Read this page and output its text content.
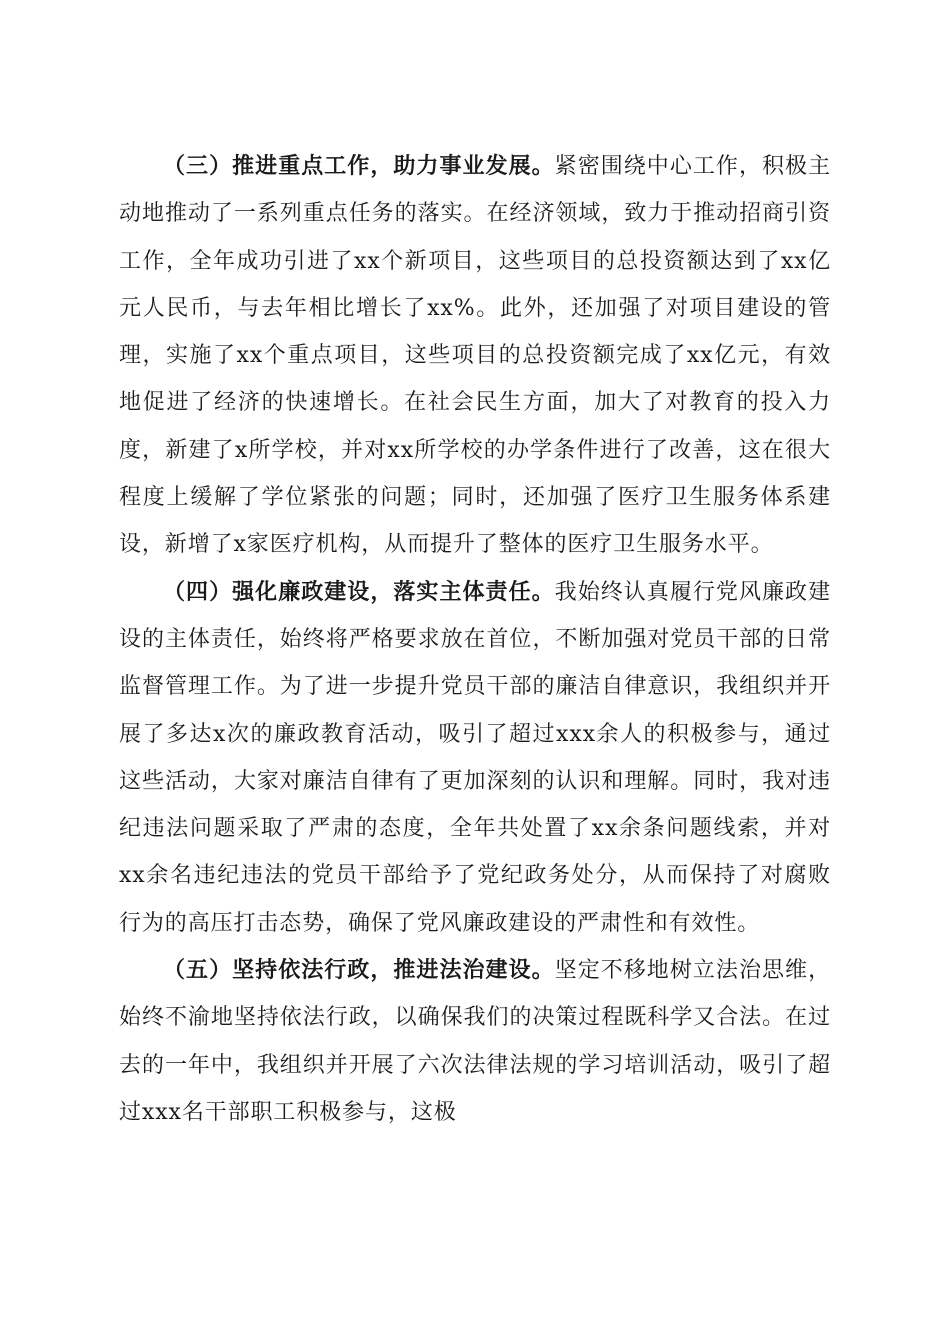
（三）推进重点工作，助力事业发展。紧密围绕中心工作，积极主动地推动了一系列重点任务的落实。在经济领域，致力于推动招商引资工作，全年成功引进了xx个新项目，这些项目的总投资额达到了xx亿元人民币，与去年相比增长了xx%。此外，还加强了对项目建设的管理，实施了xx个重点项目，这些项目的总投资额完成了xx亿元，有效地促进了经济的快速增长。在社会民生方面，加大了对教育的投入力度，新建了x所学校，并对xx所学校的办学条件进行了改善，这在很大程度上缓解了学位紧张的问题；同时，还加强了医疗卫生服务体系建设，新增了x家医疗机构，从而提升了整体的医疗卫生服务水平。

（四）强化廉政建设，落实主体责任。我始终认真履行党风廉政建设的主体责任，始终将严格要求放在首位，不断加强对党员干部的日常监督管理工作。为了进一步提升党员干部的廉洁自律意识，我组织并开展了多达x次的廉政教育活动，吸引了超过xxx余人的积极参与，通过这些活动，大家对廉洁自律有了更加深刻的认识和理解。同时，我对违纪违法问题采取了严肃的态度，全年共处置了xx余条问题线索，并对xx余名违纪违法的党员干部给予了党纪政务处分，从而保持了对腐败行为的高压打击态势，确保了党风廉政建设的严肃性和有效性。

（五）坚持依法行政，推进法治建设。坚定不移地树立法治思维，始终不渝地坚持依法行政，以确保我们的决策过程既科学又合法。在过去的一年中，我组织并开展了六次法律法规的学习培训活动，吸引了超过xxx名干部职工积极参与，这极
